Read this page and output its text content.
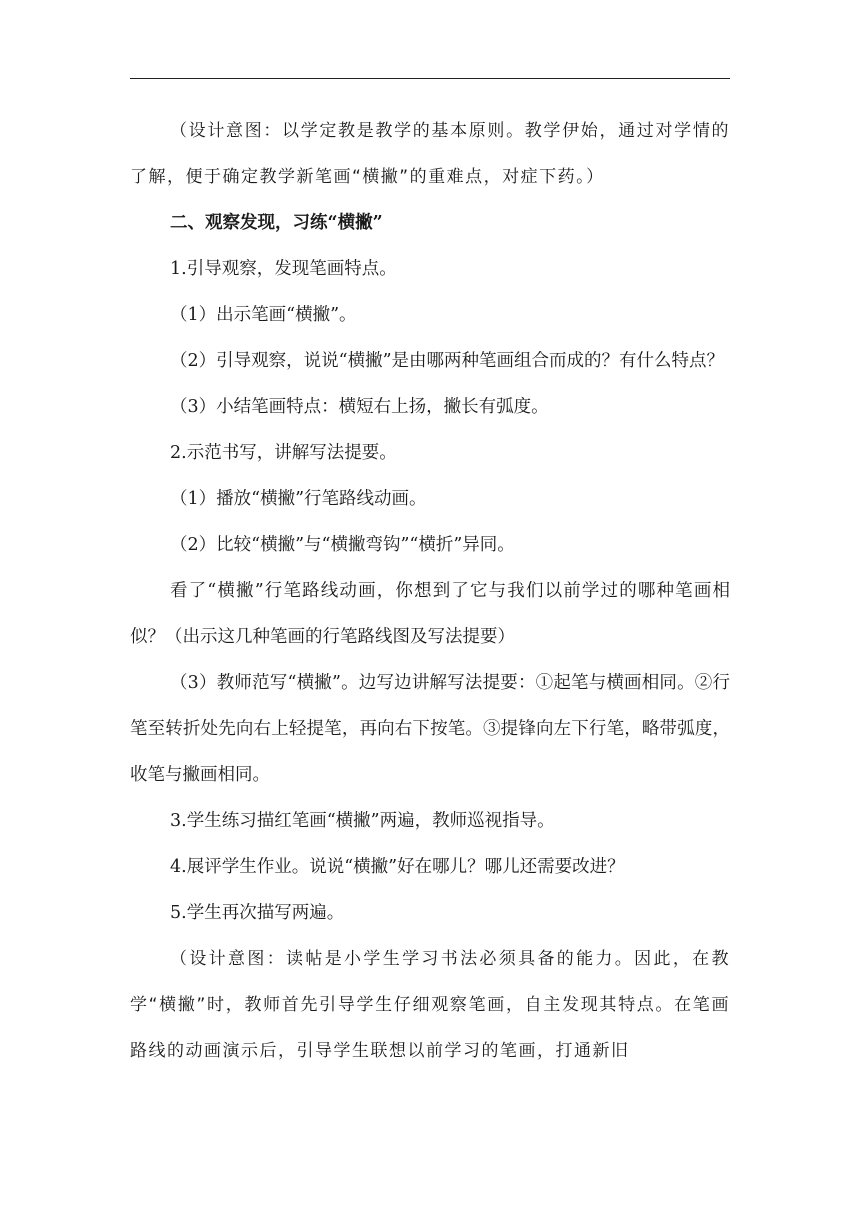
（设计意图：以学定教是教学的基本原则。教学伊始，通过对学情的了解，便于确定教学新笔画“横撇”的重难点，对症下药。）

二、观察发现，习练“横撇”

1.引导观察，发现笔画特点。

（1）出示笔画“横撇”。

（2）引导观察，说说“横撇”是由哪两种笔画组合而成的？有什么特点？

（3）小结笔画特点：横短右上扬，撇长有弧度。

2.示范书写，讲解写法提要。

（1）播放“横撇”行笔路线动画。

（2）比较“横撇”与“横撇弯钩”“横折”异同。

看了“横撇”行笔路线动画，你想到了它与我们以前学过的哪种笔画相似？（出示这几种笔画的行笔路线图及写法提要）

（3）教师范写“横撇”。边写边讲解写法提要：①起笔与横画相同。②行笔至转折处先向右上轻提笔，再向右下按笔。③提锋向左下行笔，略带弧度，收笔与撇画相同。

3.学生练习描红笔画“横撇”两遍，教师巡视指导。

4.展评学生作业。说说“横撇”好在哪儿？哪儿还需要改进？

5.学生再次描写两遍。

（设计意图：读帖是小学生学习书法必须具备的能力。因此，在教学“横撇”时，教师首先引导学生仔细观察笔画，自主发现其特点。在笔画路线的动画演示后，引导学生联想以前学习的笔画，打通新旧
